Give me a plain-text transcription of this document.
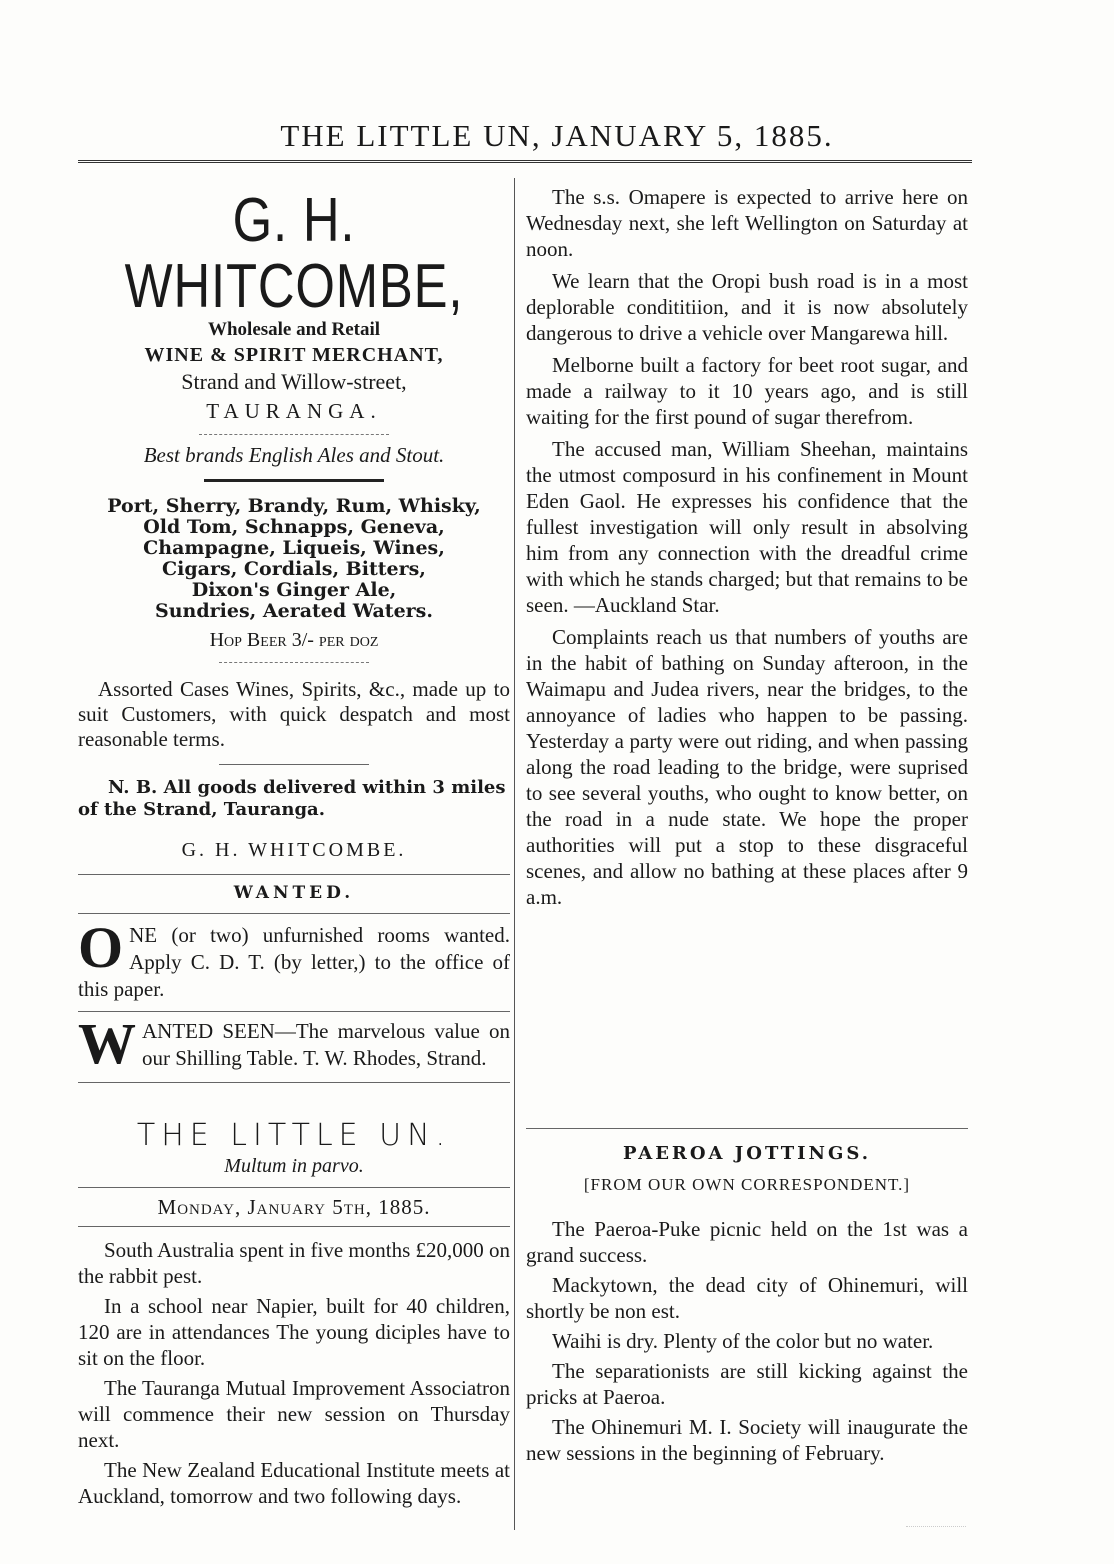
THE LITTLE UN, JANUARY 5, 1885.
G. H. WHITCOMBE,
Wholesale and Retail
WINE & SPIRIT MERCHANT,
Strand and Willow-street,
TAURANGA.
Best brands English Ales and Stout.
Port, Sherry, Brandy, Rum, Whisky,
Old Tom, Schnapps, Geneva,
Champagne, Liqueis, Wines,
Cigars, Cordials, Bitters,
Dixon's Ginger Ale,
Sundries, Aerated Waters.
Hop Beer 3/- per doz
Assorted Cases Wines, Spirits, &c., made up to suit Customers, with quick despatch and most reasonable terms.
N. B. All goods delivered within 3 miles of the Strand, Tauranga.
G. H. WHITCOMBE.
WANTED.
O NE (or two) unfurnished rooms wanted. Apply C. D. T. (by letter,) to the office of this paper.
W ANTED SEEN—The marvelous value on our Shilling Table. T. W. Rhodes, Strand.
THE LITTLE UN.
Multum in parvo.
Monday, January 5th, 1885.

South Australia spent in five months £20,000 on the rabbit pest.

In a school near Napier, built for 40 children, 120 are in attendances The young diciples have to sit on the floor.

The Tauranga Mutual Improvement Associatron will commence their new session on Thursday next.

The New Zealand Educational Institute meets at Auckland, tomorrow and two following days.

The s.s. Omapere is expected to arrive here on Wednesday next, she left Wellington on Saturday at noon.

We learn that the Oropi bush road is in a most deplorable condititiion, and it is now absolutely dangerous to drive a vehicle over Mangarewa hill.

Melborne built a factory for beet root sugar, and made a railway to it 10 years ago, and is still waiting for the first pound of sugar therefrom.

The accused man, William Sheehan, maintains the utmost composurd in his confinement in Mount Eden Gaol. He expresses his confidence that the fullest investigation will only result in absolving him from any connection with the dreadful crime with which he stands charged; but that remains to be seen. —Auckland Star.

Complaints reach us that numbers of youths are in the habit of bathing on Sunday afteroon, in the Waimapu and Judea rivers, near the bridges, to the annoyance of ladies who happen to be passing. Yesterday a party were out riding, and when passing along the road leading to the bridge, were suprised to see several youths, who ought to know better, on the road in a nude state. We hope the proper authorities will put a stop to these disgraceful scenes, and allow no bathing at these places after 9 a.m.

PAEROA JOTTINGS.
[FROM OUR OWN CORRESPONDENT.]

The Paeroa-Puke picnic held on the 1st was a grand success.

Mackytown, the dead city of Ohinemuri, will shortly be non est.

Waihi is dry. Plenty of the color but no water.

The separationists are still kicking against the pricks at Paeroa.

The Ohinemuri M. I. Society will inaugurate the new sessions in the beginning of February.
